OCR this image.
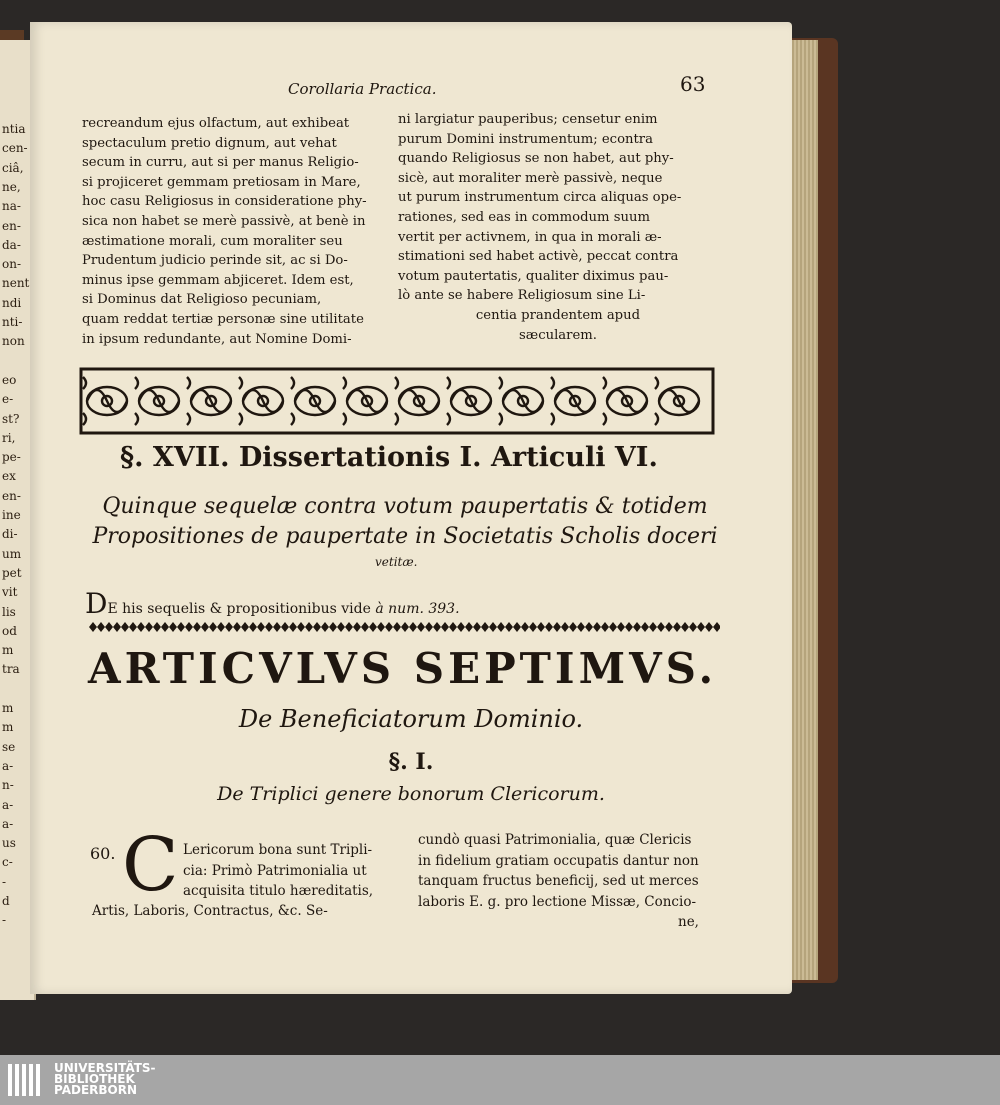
ntia
cen-
ciâ,
ne,
na-
en-
da-
on-
nent
ndi
nti-
non
eo
e-
st?
ri,
pe-
ex
en-
ine
di-
um
pet
vit
lis
od
m
tra
m
m
se
a-
n-
a-
a-
us
c-
-
d
-
Corollaria Practica.	63
recreandum ejus olfactum, aut exhibeat
spectaculum pretio dignum, aut vehat
secum in curru, aut si per manus Religio-
si projiceret gemmam pretiosam in Mare,
hoc casu Religiosus in consideratione phy-
sica non habet se merè passivè, at benè in
æstimatione morali, cum moraliter seu
Prudentum judicio perinde sit, ac si Do-
minus ipse gemmam abjiceret. Idem est,
si Dominus dat Religioso pecuniam,
quam reddat tertiæ personæ sine utilitate
in ipsum redundante, aut Nomine Domi-
ni largiatur pauperibus; censetur enim
purum Domini instrumentum; econtra
quando Religiosus se non habet, aut phy-
sicè, aut moraliter merè passivè, neque
ut purum instrumentum circa aliquas ope-
rationes, sed eas in commodum suum
vertit per activnem, in qua in morali æ-
stimationi sed habet activè, peccat contra
votum pautertatis, qualiter diximus pau-
lò ante se habere Religiosum sine Li-
centia prandentem apud
sæcularem.
§. XVII. Dissertationis I. Articuli VI.
Quinque sequelæ contra votum paupertatis & totidem Propositiones de paupertate in Societatis Scholis doceri
vetitæ.
DE his sequelis & propositionibus vide à num. 393.
ARTICVLVS SEPTIMVS.
De Beneficiatorum Dominio.
§. I.
De Triplici genere bonorum Clericorum.
60. C Lericorum bona sunt Tripli-
cia: Primò Patrimonialia ut
acquisita titulo hæreditatis,
Artis, Laboris, Contractus, &c. Se-
cundò quasi Patrimonialia, quæ Clericis
in fidelium gratiam occupatis dantur non
tanquam fructus beneficij, sed ut merces
laboris E. g. pro lectione Missæ, Concio-
ne,
UNIVERSITÄTS-
BIBLIOTHEK
PADERBORN
